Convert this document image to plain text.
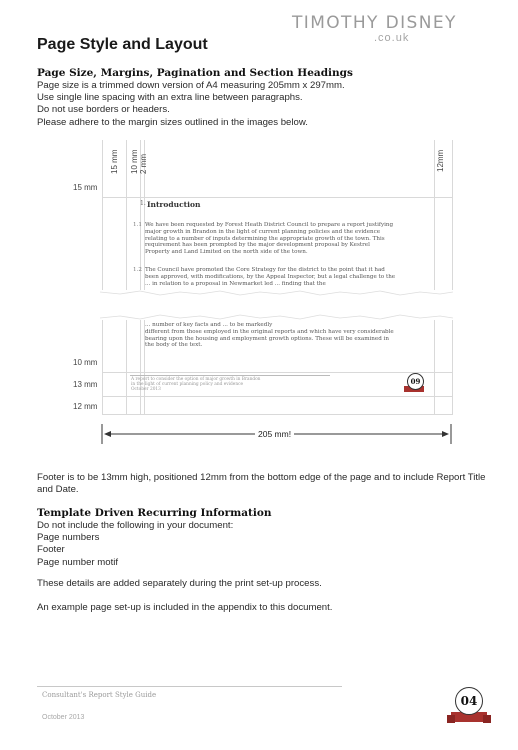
TIMOTHY DISNEY
.co.uk
Page Style and Layout
Page Size, Margins, Pagination and Section Headings
Page size is a trimmed down version of A4 measuring 205mm x 297mm.
Use single line spacing with an extra line between paragraphs.
Do not use borders or headers.
Please adhere to the margin sizes outlined in the images below.
15 mm 10 mm 2 mm	12mm
1. Introduction
1.1 We have been requested by Forest Heath District Council to prepare a report justifying
major growth in Brandon in the light of current planning policies and the evidence
relating to a number of inputs determining the appropriate growth of the town. This
requirement has been prompted by the major development proposal by Kestrel
Property and Land Limited on the north side of the town.
1.2 The Council have promoted the Core Strategy for the district to the point that it had
been approved, with modifications, by the Appeal Inspector, but a legal challenge to the
... in relation to a proposal in Newmarket led ... finding that the
... number of key facts and ... to be markedly
different from those employed in the original reports and which have very considerable
bearing upon the housing and employment growth options. These will be examined in
the body of the text.
A report to consider the option of major growth in Brandon
in the light of current planning policy and evidence
October 2013
09
15 mm
10 mm
13 mm
12 mm
205 mm!
Footer is to be 13mm high, positioned 12mm from the bottom edge of the page and to include Report Title
and Date.
Template Driven Recurring Information
Do not include the following in your document:
Page numbers
Footer
Page number motif
These details are added separately during the print set-up process.
An example page set-up is included in the appendix to this document.
Consultant's Report Style Guide
October 2013
04
